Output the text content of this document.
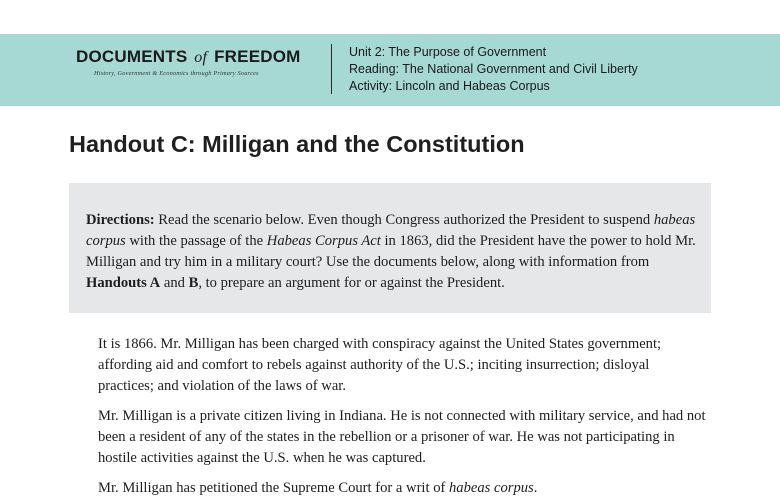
DOCUMENTS of FREEDOM
History, Government & Economics through Primary Sources
Unit 2: The Purpose of Government
Reading: The National Government and Civil Liberty
Activity: Lincoln and Habeas Corpus
Handout C: Milligan and the Constitution

Directions: Read the scenario below. Even though Congress authorized the President to suspend habeas corpus with the passage of the Habeas Corpus Act in 1863, did the President have the power to hold Mr. Milligan and try him in a military court? Use the documents below, along with information from Handouts A and B, to prepare an argument for or against the President.

It is 1866. Mr. Milligan has been charged with conspiracy against the United States government; affording aid and comfort to rebels against authority of the U.S.; inciting insurrection; disloyal practices; and violation of the laws of war.

Mr. Milligan is a private citizen living in Indiana. He is not connected with military service, and had not been a resident of any of the states in the rebellion or a prisoner of war. He was not participating in hostile activities against the U.S. when he was captured.

Mr. Milligan has petitioned the Supreme Court for a writ of habeas corpus.
